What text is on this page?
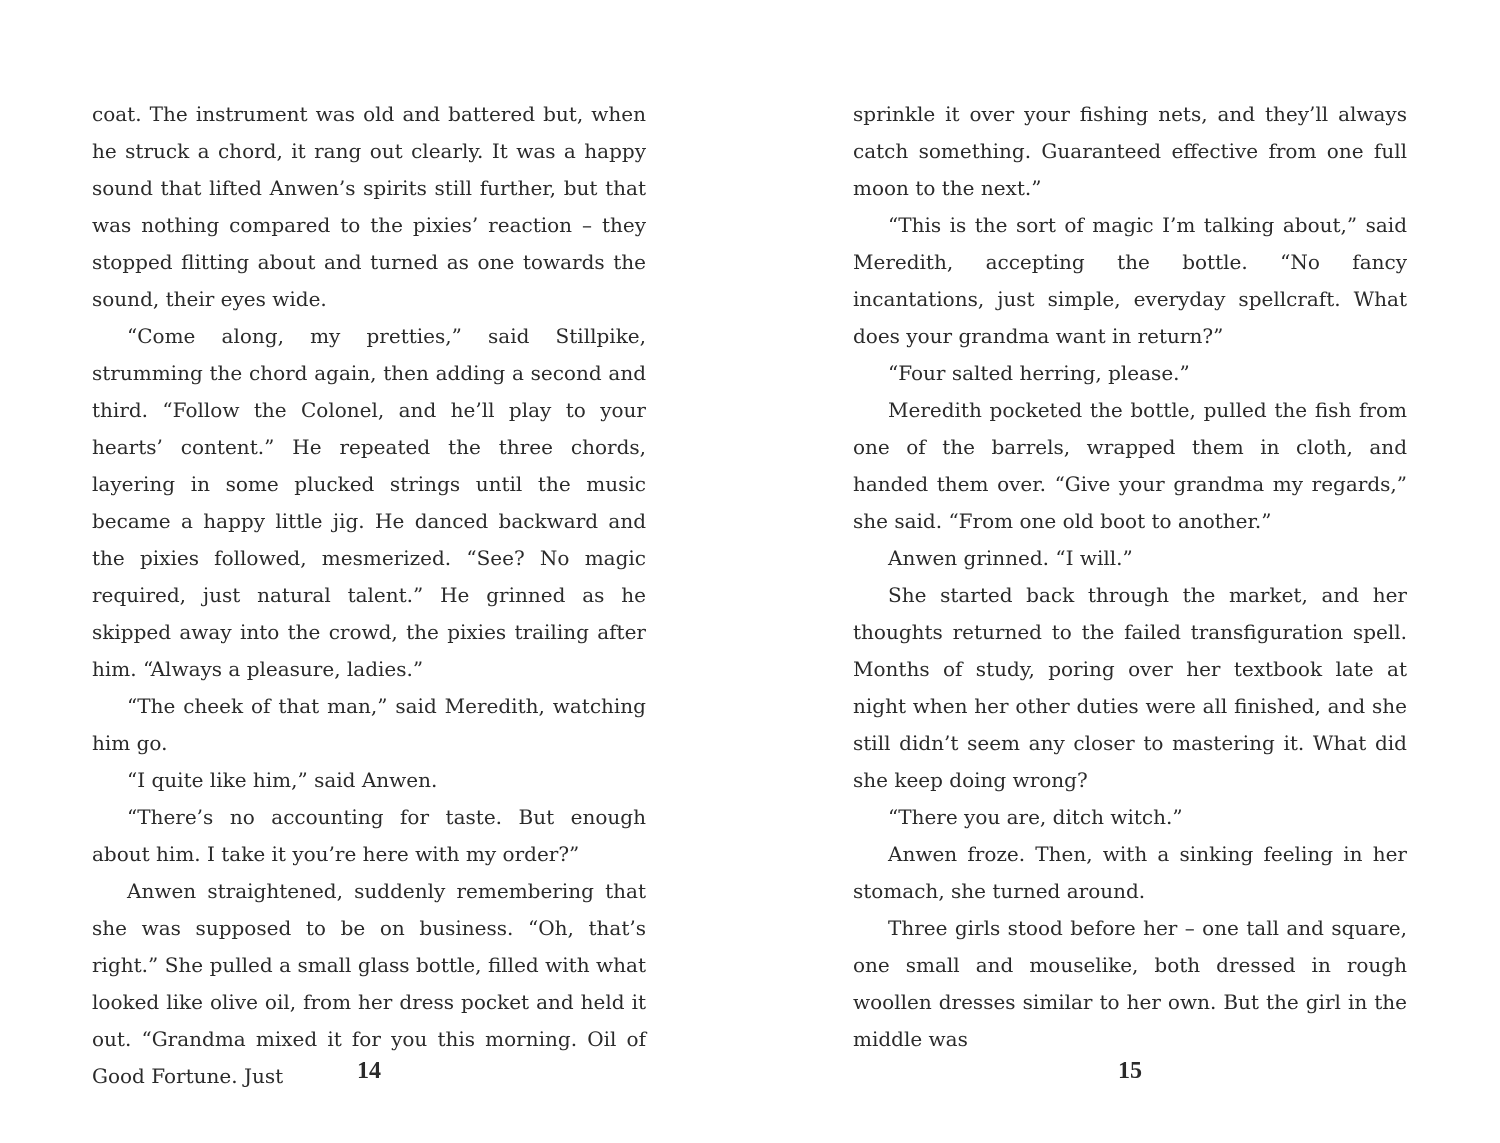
coat. The instrument was old and battered but, when he struck a chord, it rang out clearly. It was a happy sound that lifted Anwen’s spirits still further, but that was nothing compared to the pixies’ reaction – they stopped flitting about and turned as one towards the sound, their eyes wide.

“Come along, my pretties,” said Stillpike, strumming the chord again, then adding a second and third. “Follow the Colonel, and he’ll play to your hearts’ content.” He repeated the three chords, layering in some plucked strings until the music became a happy little jig. He danced backward and the pixies followed, mesmerized. “See? No magic required, just natural talent.” He grinned as he skipped away into the crowd, the pixies trailing after him. “Always a pleasure, ladies.”

“The cheek of that man,” said Meredith, watching him go.

“I quite like him,” said Anwen.

“There’s no accounting for taste. But enough about him. I take it you’re here with my order?”

Anwen straightened, suddenly remembering that she was supposed to be on business. “Oh, that’s right.” She pulled a small glass bottle, filled with what looked like olive oil, from her dress pocket and held it out. “Grandma mixed it for you this morning. Oil of Good Fortune. Just	14

sprinkle it over your fishing nets, and they’ll always catch something. Guaranteed effective from one full moon to the next.”

“This is the sort of magic I’m talking about,” said Meredith, accepting the bottle. “No fancy incantations, just simple, everyday spellcraft. What does your grandma want in return?”

“Four salted herring, please.”

Meredith pocketed the bottle, pulled the fish from one of the barrels, wrapped them in cloth, and handed them over. “Give your grandma my regards,” she said. “From one old boot to another.”

Anwen grinned. “I will.”

She started back through the market, and her thoughts returned to the failed transfiguration spell. Months of study, poring over her textbook late at night when her other duties were all finished, and she still didn’t seem any closer to mastering it. What did she keep doing wrong?

“There you are, ditch witch.”

Anwen froze. Then, with a sinking feeling in her stomach, she turned around.

Three girls stood before her – one tall and square, one small and mouselike, both dressed in rough woollen dresses similar to her own. But the girl in the middle was

15
